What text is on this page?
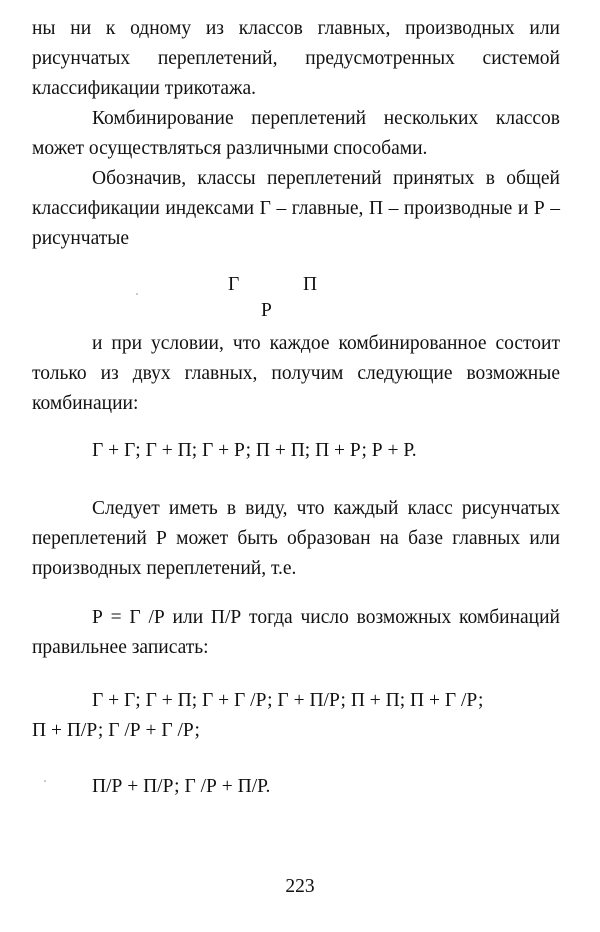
ны ни к одному из классов главных, производных или рисунчатых переплетений, предусмотренных системой классификации трикотажа.

Комбинирование переплетений нескольких классов может осуществляться различными способами.

Обозначив, классы переплетений принятых в общей классификации индексами Г – главные, П – производные и Р – рисунчатые

Г	П
Р

и при условии, что каждое комбинированное состоит только из двух главных, получим следующие возможные комбинации:

Г + Г; Г + П; Г + Р; П + П; П + Р; Р + Р.

Следует иметь в виду, что каждый класс рисунчатых переплетений Р может быть образован на базе главных или производных переплетений, т.е.

Р = Г /Р или П/Р тогда число возможных комбинаций правильнее записать:

Г + Г; Г + П; Г + Г /Р; Г + П/Р; П + П; П + Г /Р;

П + П/Р; Г /Р + Г /Р;

П/Р + П/Р; Г /Р + П/Р.

223
